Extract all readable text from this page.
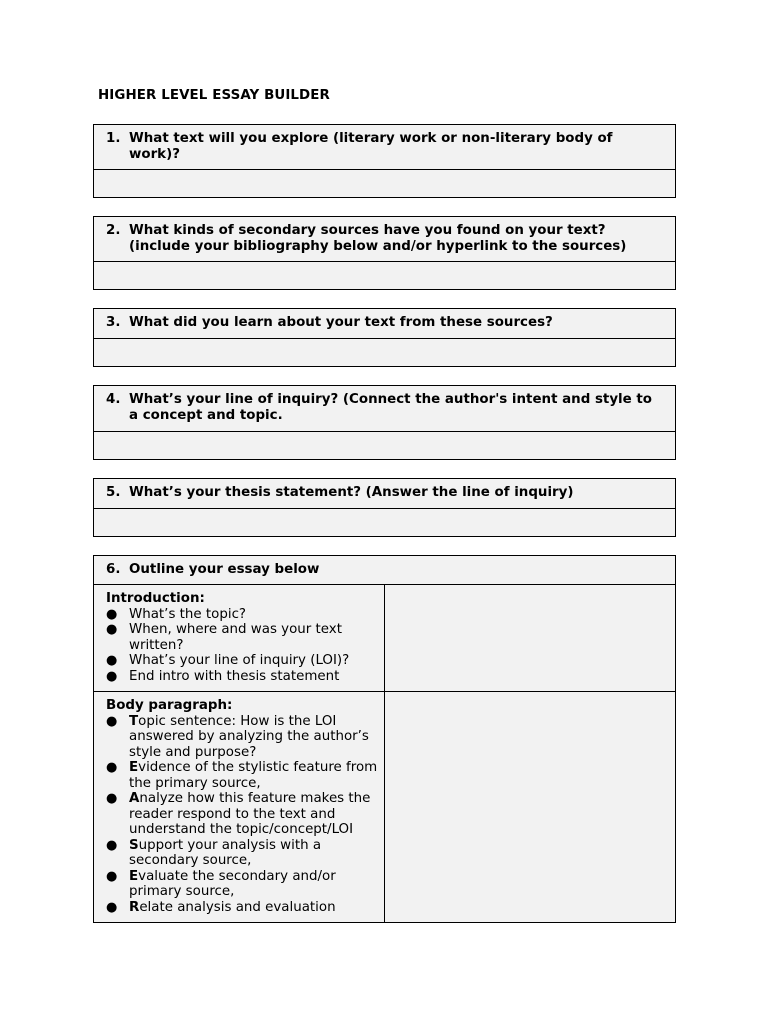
HIGHER LEVEL ESSAY BUILDER
1. What text will you explore (literary work or non-literary body of work)?
2. What kinds of secondary sources have you found on your text? (include your bibliography below and/or hyperlink to the sources)
3. What did you learn about your text from these sources?
4. What’s your line of inquiry? (Connect the author's intent and style to a concept and topic.
5. What’s your thesis statement? (Answer the line of inquiry)
6. Outline your essay below
Introduction:
● What’s the topic?
● When, where and was your text written?
● What’s your line of inquiry (LOI)?
● End intro with thesis statement
Body paragraph:
● Topic sentence: How is the LOI answered by analyzing the author’s style and purpose?
● Evidence of the stylistic feature from the primary source,
● Analyze how this feature makes the reader respond to the text and understand the topic/concept/LOI
● Support your analysis with a secondary source,
● Evaluate the secondary and/or primary source,
● Relate analysis and evaluation
